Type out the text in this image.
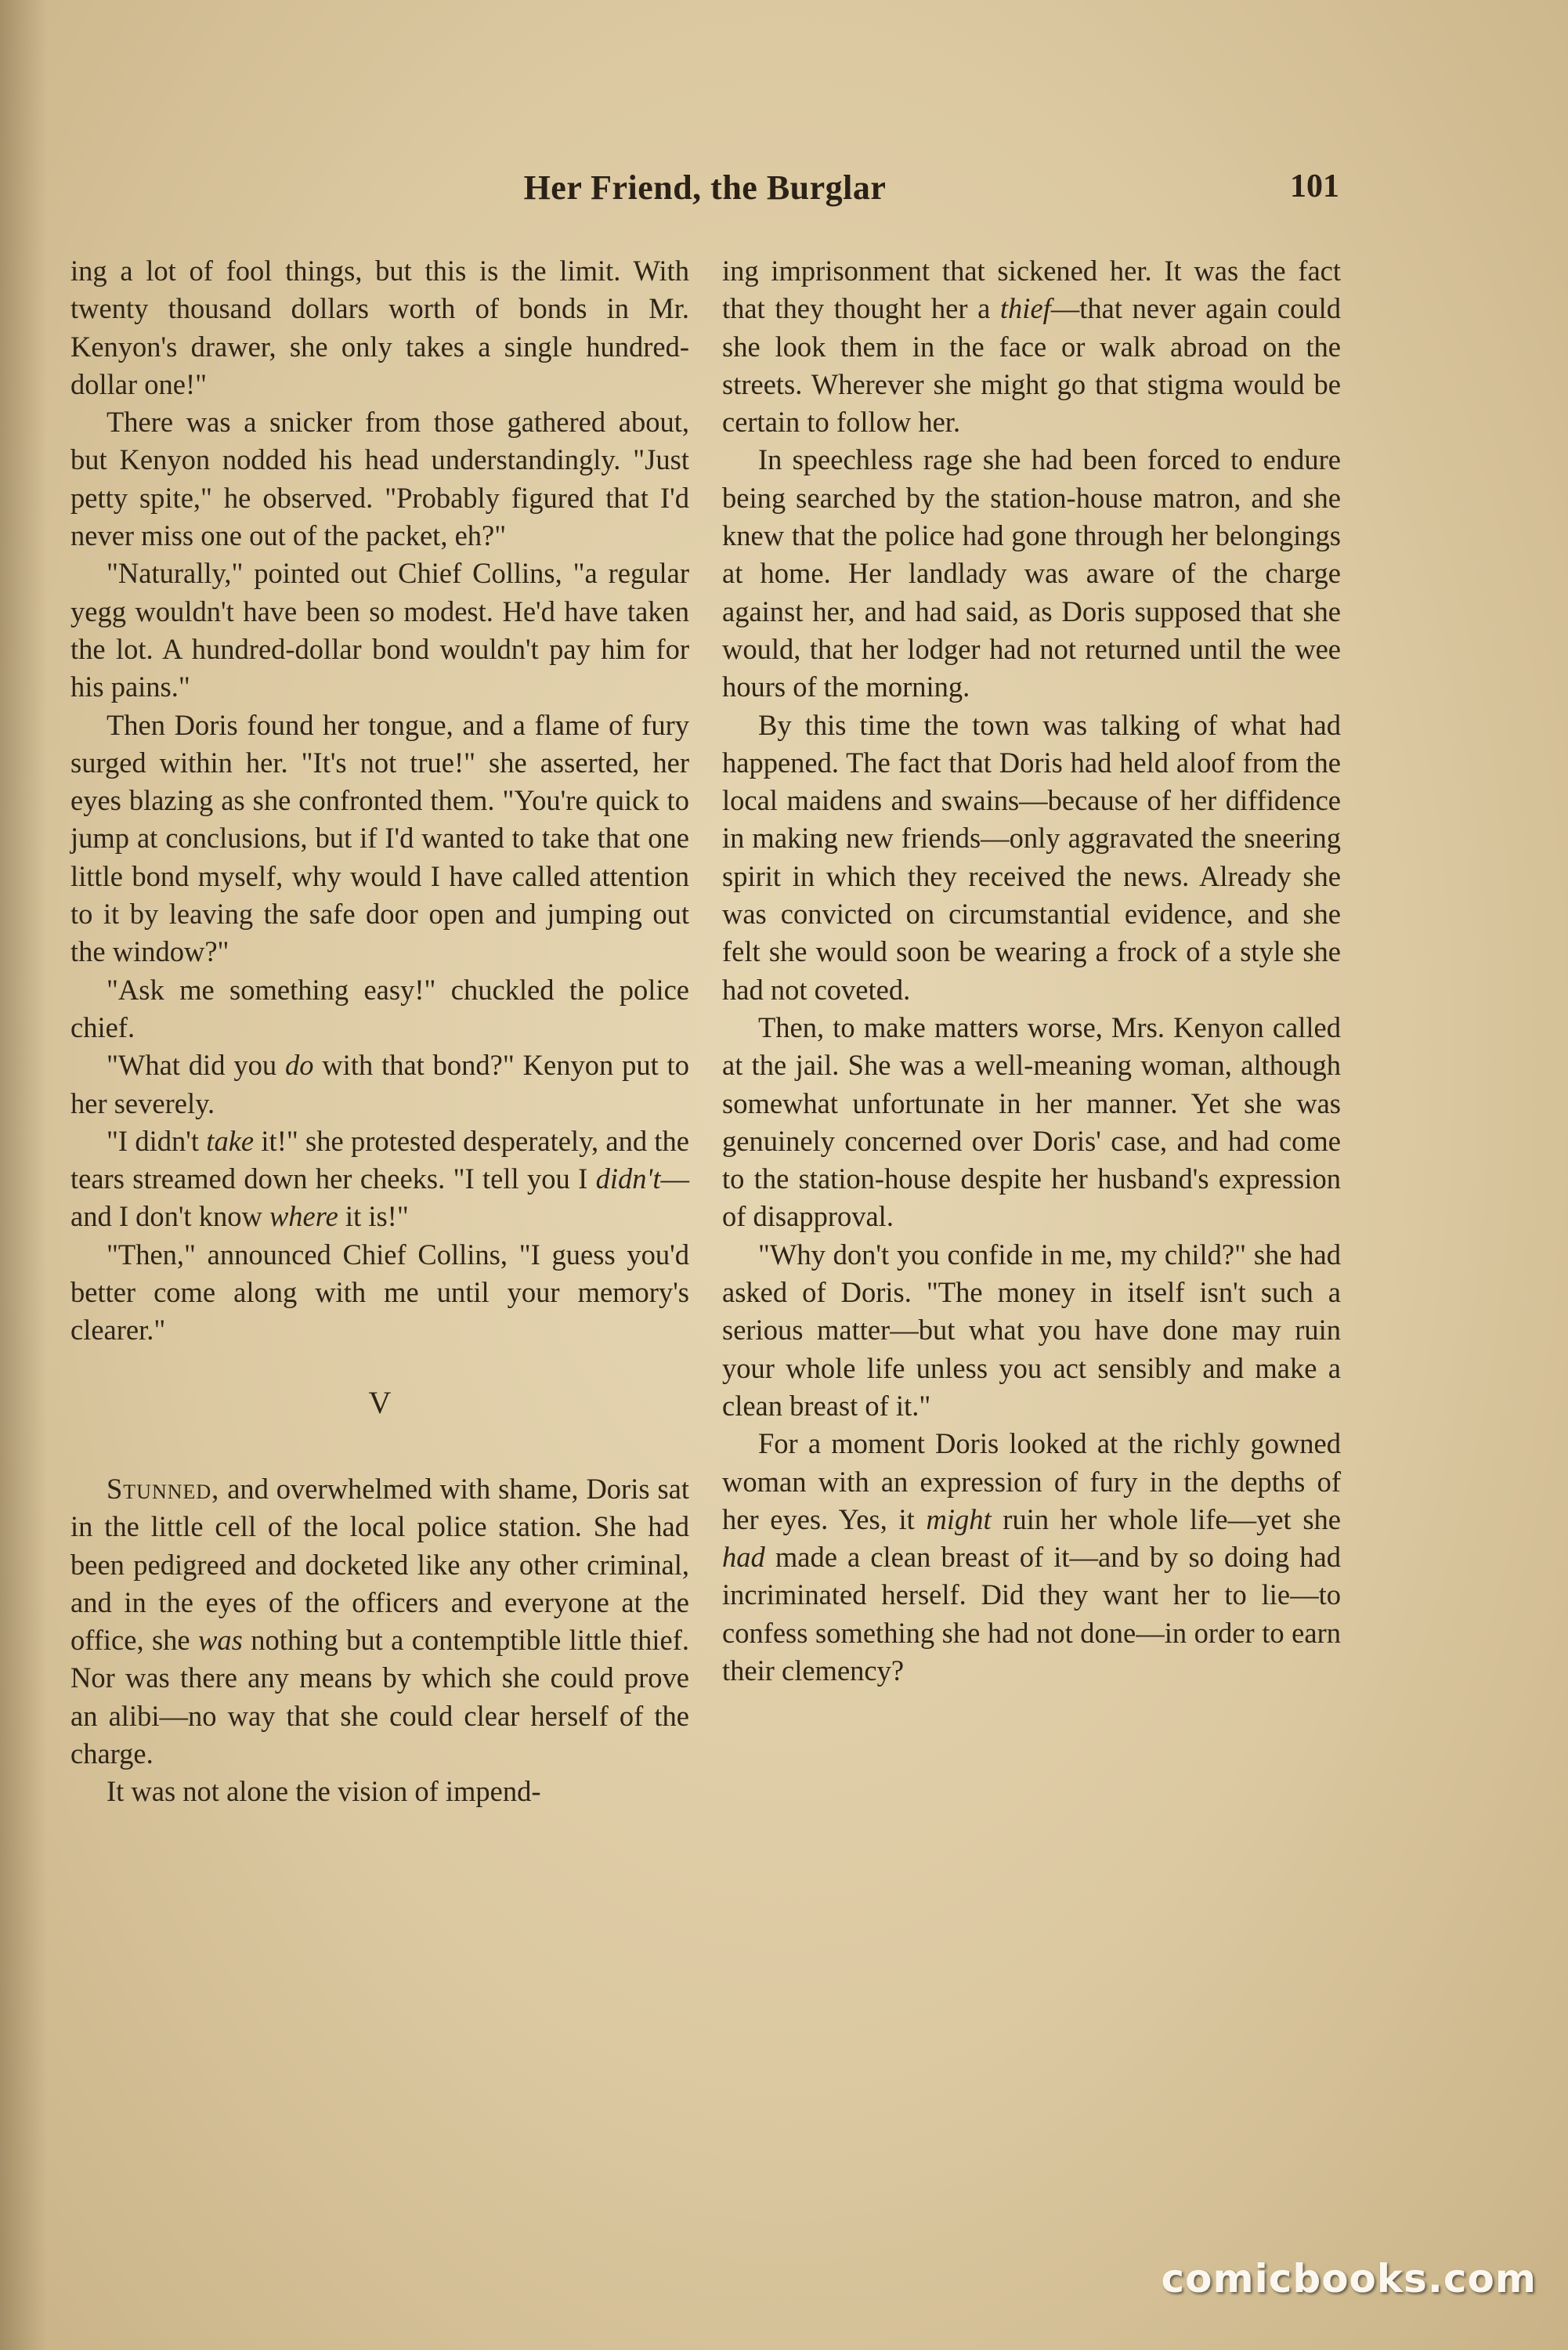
Her Friend, the Burglar	101

ing a lot of fool things, but this is the limit. With twenty thousand dollars worth of bonds in Mr. Kenyon's drawer, she only takes a single hundred-dollar one!"

There was a snicker from those gathered about, but Kenyon nodded his head understandingly. "Just petty spite," he observed. "Probably figured that I'd never miss one out of the packet, eh?"

"Naturally," pointed out Chief Collins, "a regular yegg wouldn't have been so modest. He'd have taken the lot. A hundred-dollar bond wouldn't pay him for his pains."

Then Doris found her tongue, and a flame of fury surged within her. "It's not true!" she asserted, her eyes blazing as she confronted them. "You're quick to jump at conclusions, but if I'd wanted to take that one little bond myself, why would I have called attention to it by leaving the safe door open and jumping out the window?"

"Ask me something easy!" chuckled the police chief.

"What did you do with that bond?" Kenyon put to her severely.

"I didn't take it!" she protested desperately, and the tears streamed down her cheeks. "I tell you I didn't—and I don't know where it is!"

"Then," announced Chief Collins, "I guess you'd better come along with me until your memory's clearer."

V

Stunned, and overwhelmed with shame, Doris sat in the little cell of the local police station. She had been pedigreed and docketed like any other criminal, and in the eyes of the officers and everyone at the office, she was nothing but a contemptible little thief. Nor was there any means by which she could prove an alibi—no way that she could clear herself of the charge.

It was not alone the vision of impend-

ing imprisonment that sickened her. It was the fact that they thought her a thief—that never again could she look them in the face or walk abroad on the streets. Wherever she might go that stigma would be certain to follow her.

In speechless rage she had been forced to endure being searched by the station-house matron, and she knew that the police had gone through her belongings at home. Her landlady was aware of the charge against her, and had said, as Doris supposed that she would, that her lodger had not returned until the wee hours of the morning.

By this time the town was talking of what had happened. The fact that Doris had held aloof from the local maidens and swains—because of her diffidence in making new friends—only aggravated the sneering spirit in which they received the news. Already she was convicted on circumstantial evidence, and she felt she would soon be wearing a frock of a style she had not coveted.

Then, to make matters worse, Mrs. Kenyon called at the jail. She was a well-meaning woman, although somewhat unfortunate in her manner. Yet she was genuinely concerned over Doris' case, and had come to the station-house despite her husband's expression of disapproval.

"Why don't you confide in me, my child?" she had asked of Doris. "The money in itself isn't such a serious matter—but what you have done may ruin your whole life unless you act sensibly and make a clean breast of it."

For a moment Doris looked at the richly gowned woman with an expression of fury in the depths of her eyes. Yes, it might ruin her whole life—yet she had made a clean breast of it—and by so doing had incriminated herself. Did they want her to lie—to confess something she had not done—in order to earn their clemency?

comicbooks.com
